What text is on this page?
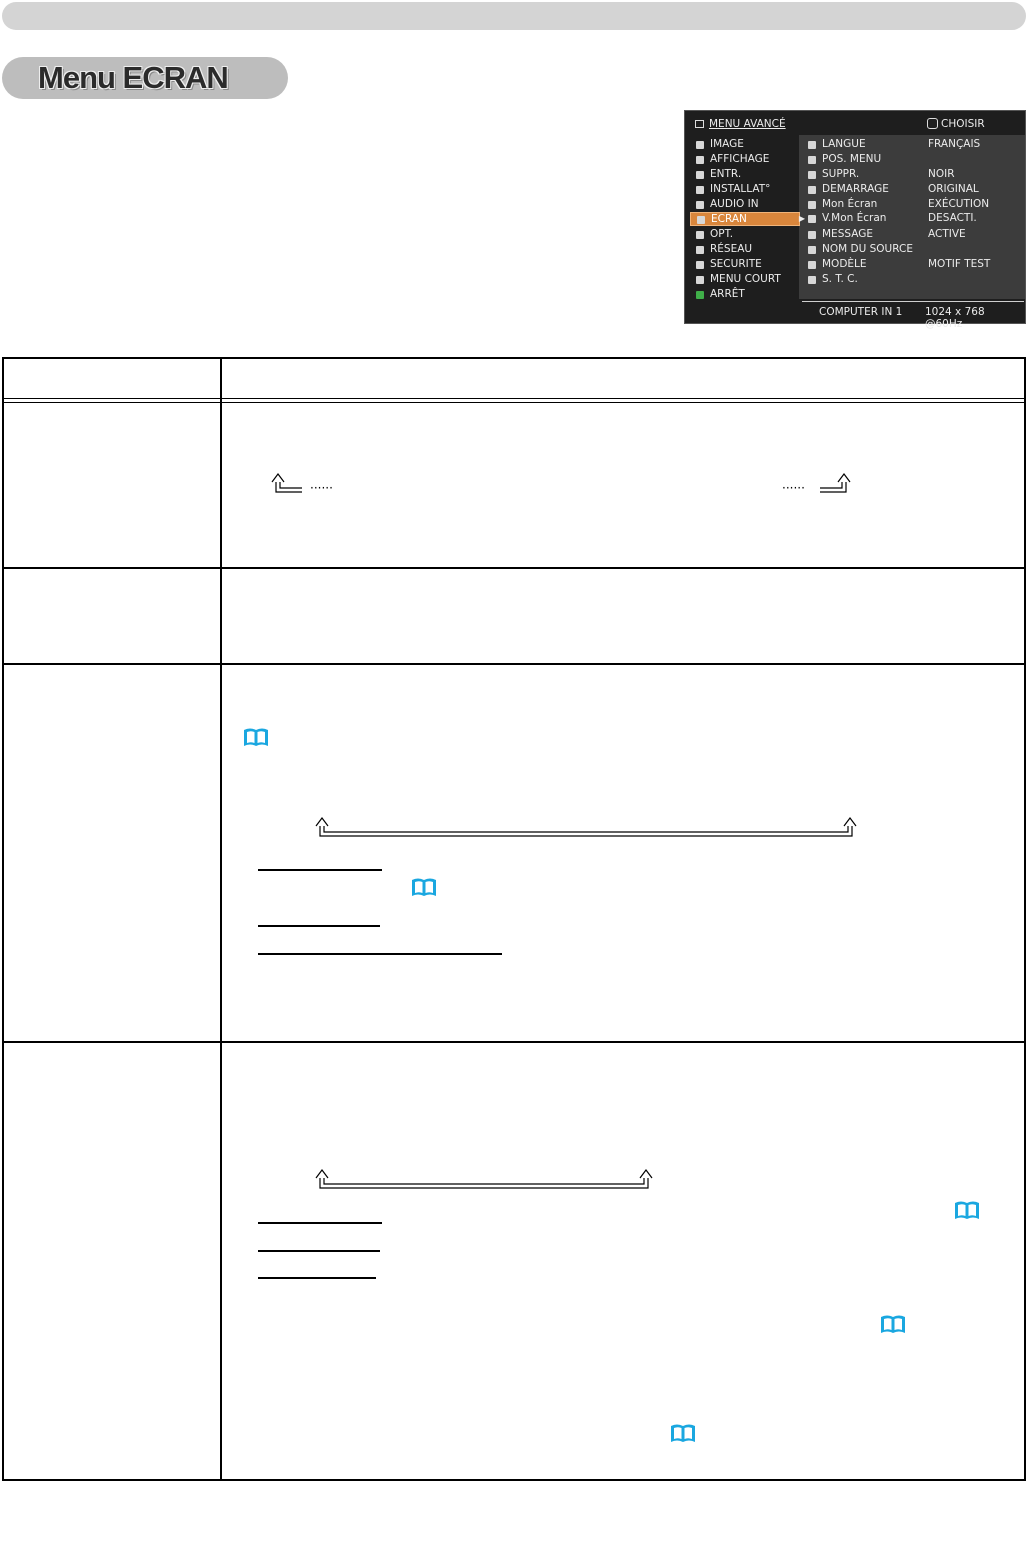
Menu ECRAN
MENU AVANCÉ	CHOISIR
IMAGE
AFFICHAGE
ENTR.
INSTALLAT°
AUDIO IN
ECRAN	▶
OPT.
RÉSEAU
SECURITE
MENU COURT
ARRÊT
LANGUE	FRANÇAIS
POS. MENU
SUPPR.	NOIR
DEMARRAGE	ORIGINAL
Mon Écran	EXÉCUTION
V.Mon Écran	DESACTI.
MESSAGE	ACTIVE
NOM DU SOURCE
MODÈLE	MOTIF TEST
S. T. C.
COMPUTER IN 1 1024 x 768 @60Hz
······	······
